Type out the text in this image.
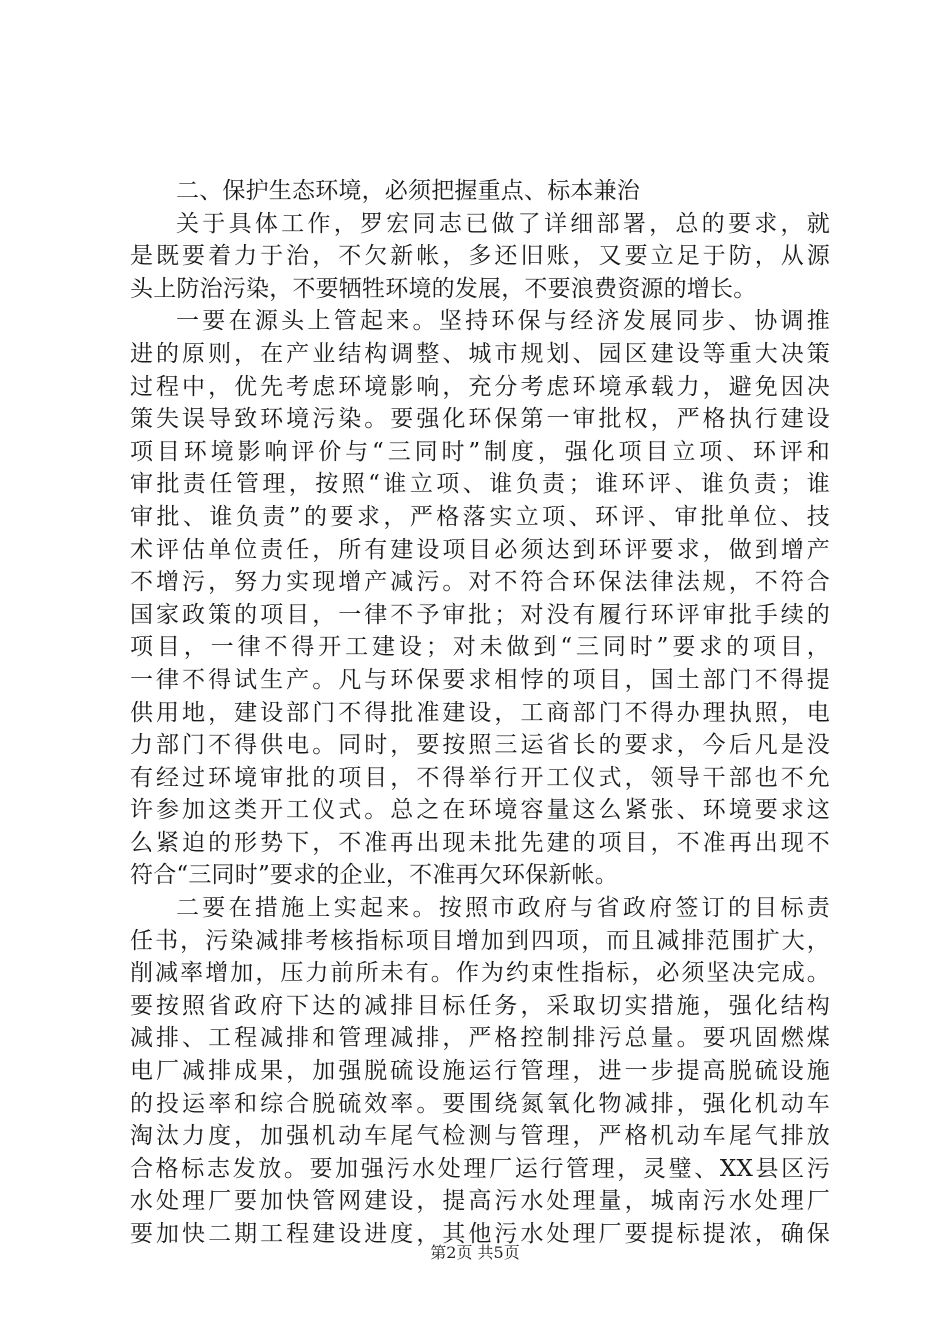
二、保护生态环境，必须把握重点、标本兼治
关于具体工作，罗宏同志已做了详细部署，总的要求，就
是既要着力于治，不欠新帐，多还旧账，又要立足于防，从源
头上防治污染，不要牺牲环境的发展，不要浪费资源的增长。
一要在源头上管起来。坚持环保与经济发展同步、协调推
进的原则，在产业结构调整、城市规划、园区建设等重大决策
过程中，优先考虑环境影响，充分考虑环境承载力，避免因决
策失误导致环境污染。要强化环保第一审批权，严格执行建设
项目环境影响评价与“三同时”制度，强化项目立项、环评和
审批责任管理，按照“谁立项、谁负责；谁环评、谁负责；谁
审批、谁负责”的要求，严格落实立项、环评、审批单位、技
术评估单位责任，所有建设项目必须达到环评要求，做到增产
不增污，努力实现增产减污。对不符合环保法律法规，不符合
国家政策的项目，一律不予审批；对没有履行环评审批手续的
项目，一律不得开工建设；对未做到“三同时”要求的项目，
一律不得试生产。凡与环保要求相悖的项目，国土部门不得提
供用地，建设部门不得批准建设，工商部门不得办理执照，电
力部门不得供电。同时，要按照三运省长的要求，今后凡是没
有经过环境审批的项目，不得举行开工仪式，领导干部也不允
许参加这类开工仪式。总之在环境容量这么紧张、环境要求这
么紧迫的形势下，不准再出现未批先建的项目，不准再出现不
符合“三同时”要求的企业，不准再欠环保新帐。
二要在措施上实起来。按照市政府与省政府签订的目标责
任书，污染减排考核指标项目增加到四项，而且减排范围扩大，
削减率增加，压力前所未有。作为约束性指标，必须坚决完成。
要按照省政府下达的减排目标任务，采取切实措施，强化结构
减排、工程减排和管理减排，严格控制排污总量。要巩固燃煤
电厂减排成果，加强脱硫设施运行管理，进一步提高脱硫设施
的投运率和综合脱硫效率。要围绕氮氧化物减排，强化机动车
淘汰力度，加强机动车尾气检测与管理，严格机动车尾气排放
合格标志发放。要加强污水处理厂运行管理，灵璧、XX县区污
水处理厂要加快管网建设，提高污水处理量，城南污水处理厂
要加快二期工程建设进度，其他污水处理厂要提标提浓，确保
第2页 共5页
